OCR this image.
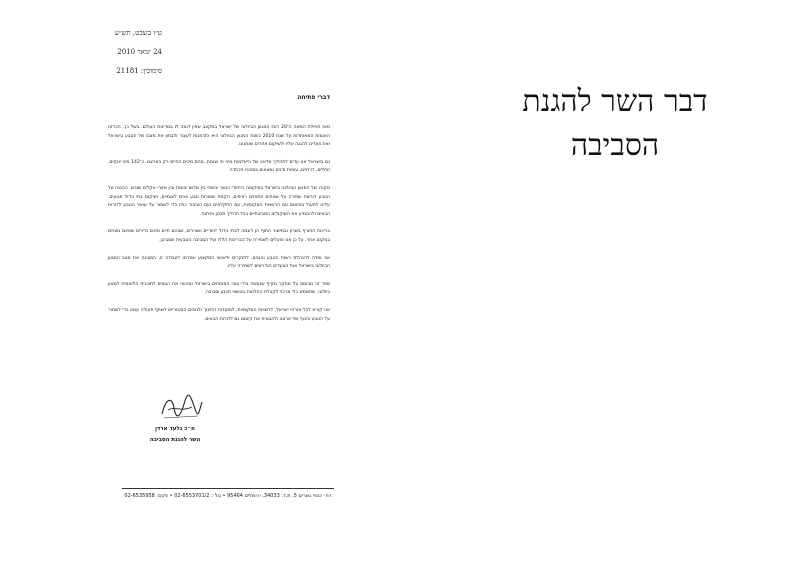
דבר השר להגנת
הסביבה
ט״ו בשבט, תש״ע
24 ינואר 2010
סימוכין: 21181
דברי פתיחה

מאז תחילת המאה ה־20 רוכז המגוון הביולוגי של ישראל במקצב שאין דומה לו במדינות העולם. בשל כך, הכרזת האומות המאוחדות על שנת 2010 כשנת המגוון הביולוגי היא הזדמנות לעצור ולבחון את מצבו של הטבע בישראל ואת צעדינו להגנה עליו ולשיקום אזורים שנפגעו.

גם בישראל אנו עדים לתהליך מדאיג של היעלמות מיני חי וצומח, מהם מינים החיים רק בארצנו. כ־142 מיני יונקים, זוחלים, דו־חיים, עופות ודגים נמצאים בסכנת הכחדה.

מקורו של המגוון הביולוגי בישראל במיקומה הייחודי כגשר יבשתי בין שלוש יבשות ובין אזורי אקלים שונים. ההגנה על הטבע דורשת שמירה על שטחים פתוחים רציפים, הקמת שמורות טבע וגנים לאומיים, ושיקום בתי גידול פגועים. עלינו לפעול בתיאום עם הרשויות המקומיות, עם החקלאים ועם הציבור כולו כדי לשמור על עושר הטבע לדורות הבאים ולהטמיע את השיקולים הסביבתיים בכל תהליך תכנון ופיתוח.

בריכות החורף בשרון ובמישור החוף הן דוגמה לבתי גידול ייחודיים ושבירים, שבהם חיים מינים נדירים שאינם מצויים במקום אחר. על כן אנו פועלים לשמירה על הבריכות הללו ועל הסביבה הטבעית שסביבן.

אני מודה להנהלת רשות הטבע והגנים, לחוקרים ולאנשי המקצוע שתרמו לעבודה זו, המציגה את מצב המגוון הביולוגי בישראל ואת הצעדים הנדרשים לשמירה עליו.

ספר זה מבוסס על מחקר מקיף שנעשה בידי טובי המומחים בישראל ומהווה את הבסיס לתוכנית הלאומית למגוון ביולוגי, שתשמש כלי מרכזי לקבלת החלטות בנושאי תכנון וסביבה.

אני קורא לכל אזרחי ישראל, לרשויות המקומיות, למוסדות החינוך ולגופים הציבוריים לשתף פעולה עמנו כדי לשמור על הטבע והנוף של ארצנו ולהבטיח את קיומם גם לדורות הבאים.

ח״כ גלעד ארדן
השר להגנת הסביבה
רח׳ כנפי נשרים 5, ת.ד. 34033, ירושלים 95464 • טל׳: 02-6553701/2 • פקס: 02-6535958
